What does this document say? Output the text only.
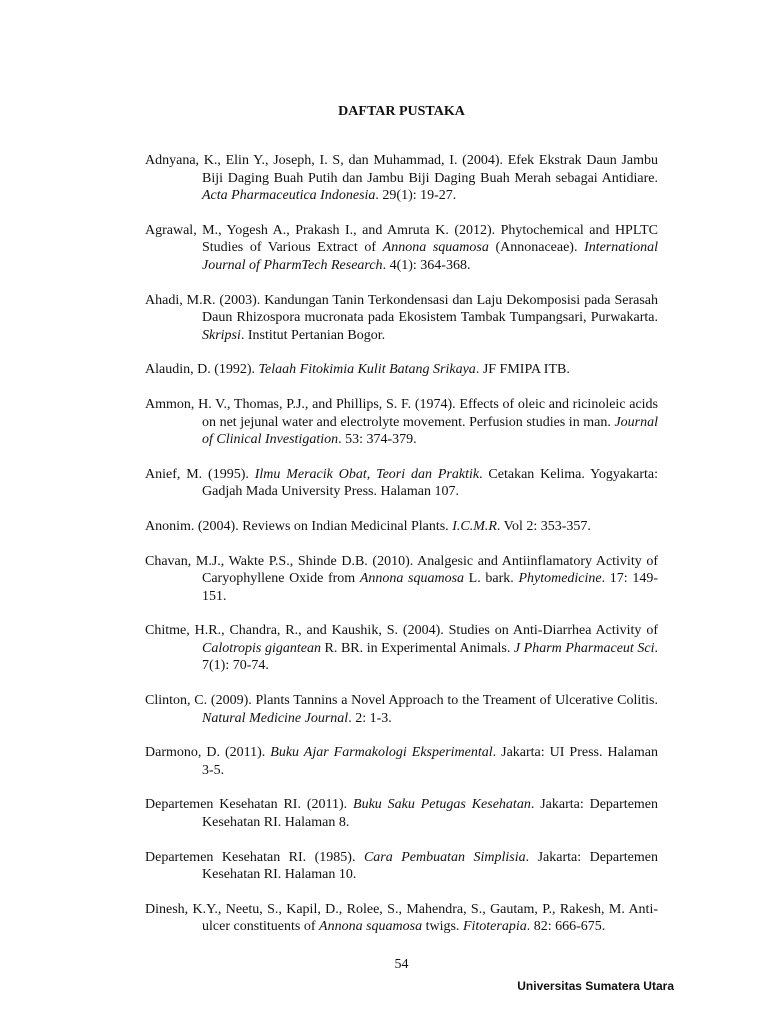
DAFTAR PUSTAKA

Adnyana, K., Elin Y., Joseph, I. S, dan Muhammad, I. (2004). Efek Ekstrak Daun Jambu Biji Daging Buah Putih dan Jambu Biji Daging Buah Merah sebagai Antidiare. Acta Pharmaceutica Indonesia. 29(1): 19-27.

Agrawal, M., Yogesh A., Prakash I., and Amruta K. (2012). Phytochemical and HPLTC Studies of Various Extract of Annona squamosa (Annonaceae). International Journal of PharmTech Research. 4(1): 364-368.

Ahadi, M.R. (2003). Kandungan Tanin Terkondensasi dan Laju Dekomposisi pada Serasah Daun Rhizospora mucronata pada Ekosistem Tambak Tumpangsari, Purwakarta. Skripsi. Institut Pertanian Bogor.

Alaudin, D. (1992). Telaah Fitokimia Kulit Batang Srikaya. JF FMIPA ITB.

Ammon, H. V., Thomas, P.J., and Phillips, S. F. (1974). Effects of oleic and ricinoleic acids on net jejunal water and electrolyte movement. Perfusion studies in man. Journal of Clinical Investigation. 53: 374-379.

Anief, M. (1995). Ilmu Meracik Obat, Teori dan Praktik. Cetakan Kelima. Yogyakarta: Gadjah Mada University Press. Halaman 107.

Anonim. (2004). Reviews on Indian Medicinal Plants. I.C.M.R. Vol 2: 353-357.

Chavan, M.J., Wakte P.S., Shinde D.B. (2010). Analgesic and Antiinflamatory Activity of Caryophyllene Oxide from Annona squamosa L. bark. Phytomedicine. 17: 149-151.

Chitme, H.R., Chandra, R., and Kaushik, S. (2004). Studies on Anti-Diarrhea Activity of Calotropis gigantean R. BR. in Experimental Animals. J Pharm Pharmaceut Sci. 7(1): 70-74.

Clinton, C. (2009). Plants Tannins a Novel Approach to the Treament of Ulcerative Colitis. Natural Medicine Journal. 2: 1-3.

Darmono, D. (2011). Buku Ajar Farmakologi Eksperimental. Jakarta: UI Press. Halaman 3-5.

Departemen Kesehatan RI. (2011). Buku Saku Petugas Kesehatan. Jakarta: Departemen Kesehatan RI. Halaman 8.

Departemen Kesehatan RI. (1985). Cara Pembuatan Simplisia. Jakarta: Departemen Kesehatan RI. Halaman 10.

Dinesh, K.Y., Neetu, S., Kapil, D., Rolee, S., Mahendra, S., Gautam, P., Rakesh, M. Anti-ulcer constituents of Annona squamosa twigs. Fitoterapia. 82: 666-675.

54
Universitas Sumatera Utara
